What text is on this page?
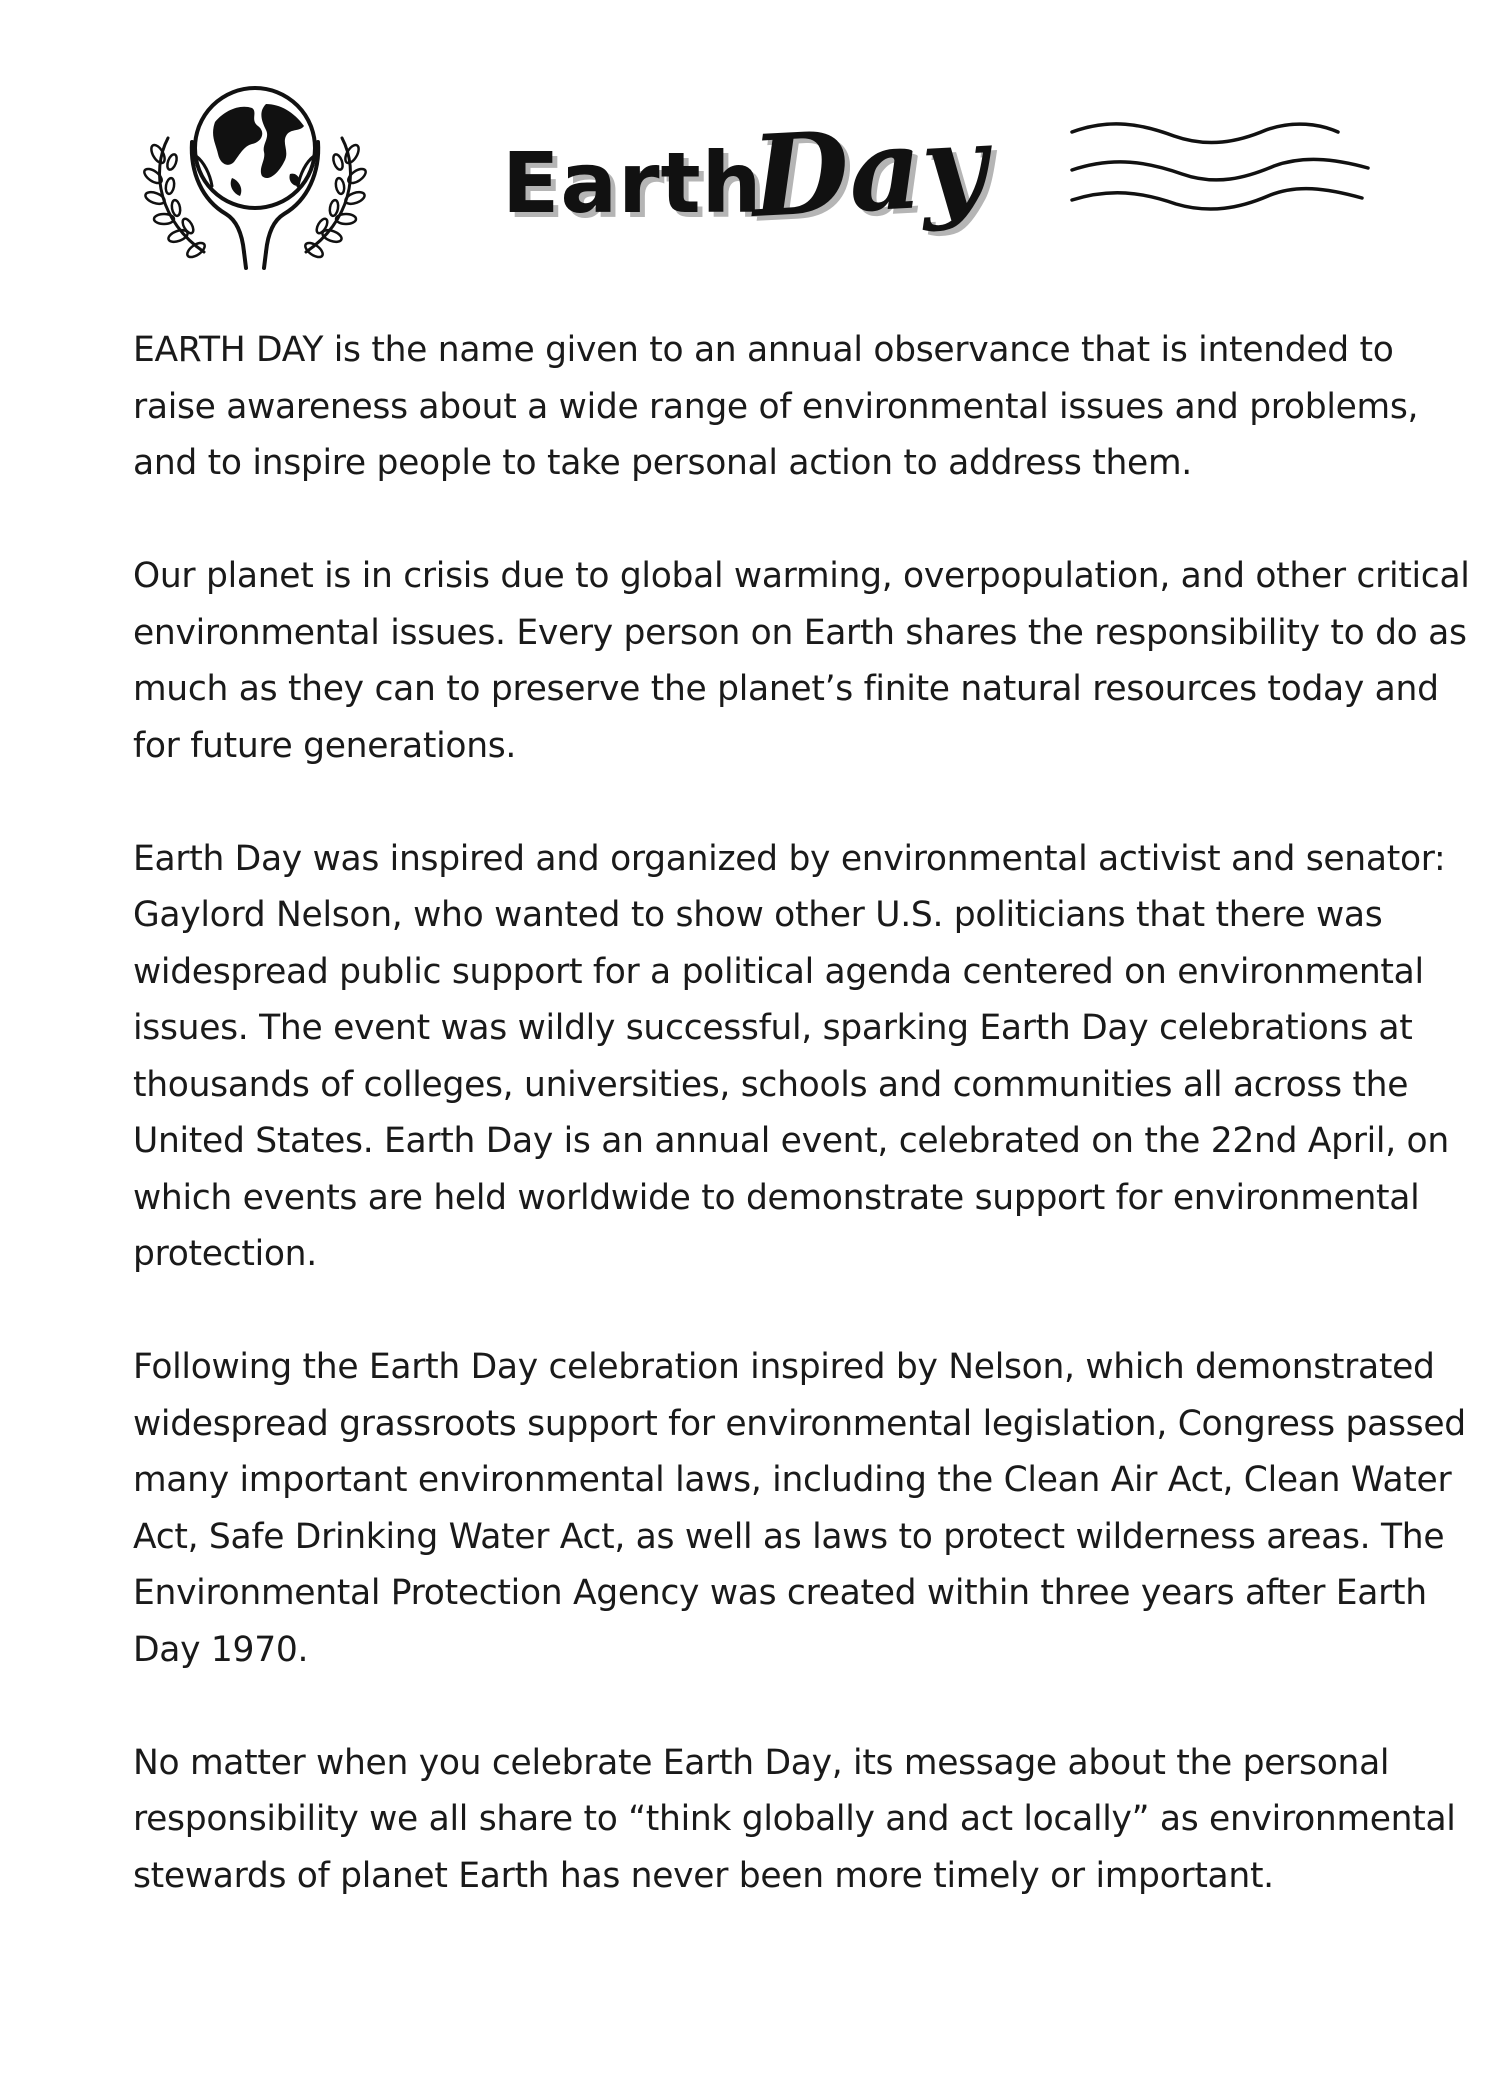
Earth
Day

EARTH DAY is the name given to an annual observance that is intended to
raise awareness about a wide range of environmental issues and problems,
and to inspire people to take personal action to address them.

Our planet is in crisis due to global warming, overpopulation, and other critical
environmental issues. Every person on Earth shares the responsibility to do as
much as they can to preserve the planet’s finite natural resources today and
for future generations.

Earth Day was inspired and organized by environmental activist and senator:
Gaylord Nelson, who wanted to show other U.S. politicians that there was
widespread public support for a political agenda centered on environmental
issues. The event was wildly successful, sparking Earth Day celebrations at
thousands of colleges, universities, schools and communities all across the
United States. Earth Day is an annual event, celebrated on the 22nd April, on
which events are held worldwide to demonstrate support for environmental
protection.

Following the Earth Day celebration inspired by Nelson, which demonstrated
widespread grassroots support for environmental legislation, Congress passed
many important environmental laws, including the Clean Air Act, Clean Water
Act, Safe Drinking Water Act, as well as laws to protect wilderness areas. The
Environmental Protection Agency was created within three years after Earth
Day 1970.

No matter when you celebrate Earth Day, its message about the personal
responsibility we all share to “think globally and act locally” as environmental
stewards of planet Earth has never been more timely or important.
